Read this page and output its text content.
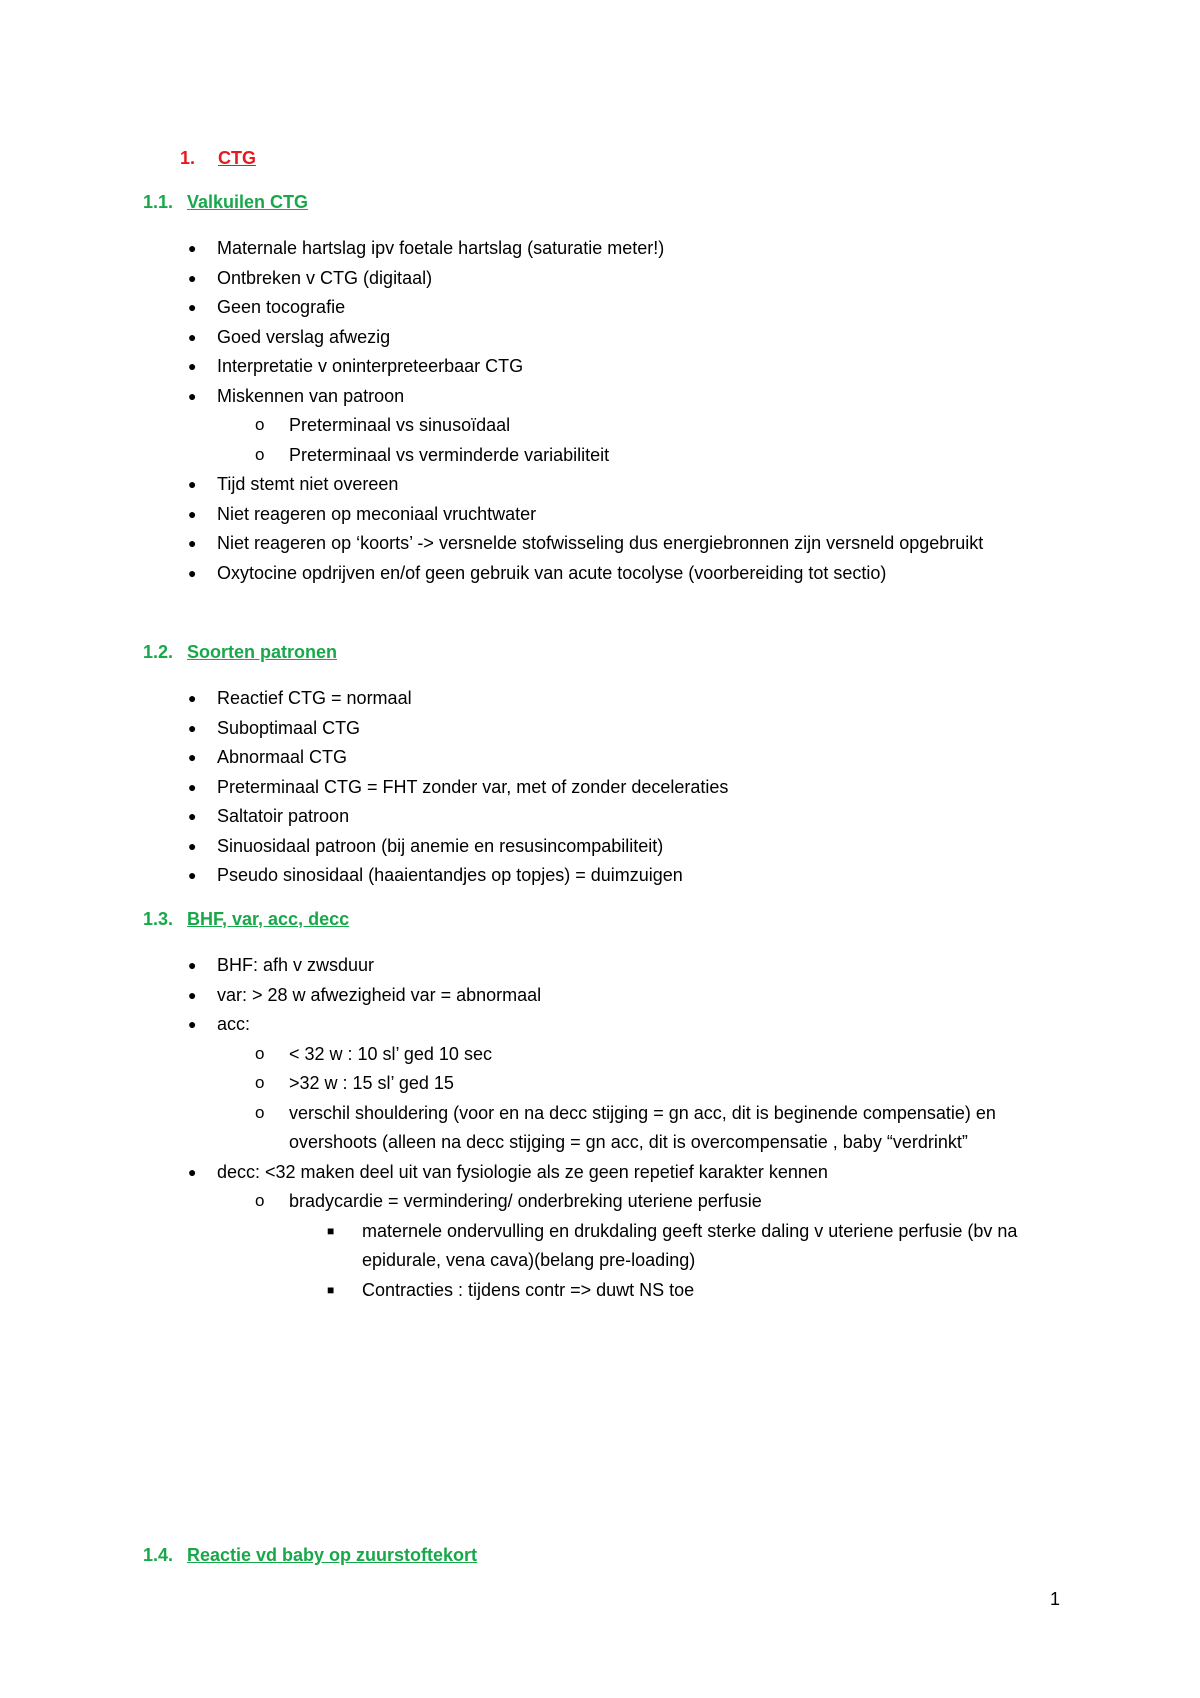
1. CTG
1.1. Valkuilen CTG
● Maternale hartslag ipv foetale hartslag (saturatie meter!)
● Ontbreken v CTG (digitaal)
● Geen tocografie
● Goed verslag afwezig
● Interpretatie v oninterpreteerbaar CTG
● Miskennen van patroon
o Preterminaal vs sinusoïdaal
o Preterminaal vs verminderde variabiliteit
● Tijd stemt niet overeen
● Niet reageren op meconiaal vruchtwater
● Niet reageren op ‘koorts’ -> versnelde stofwisseling dus energiebronnen zijn versneld opgebruikt
● Oxytocine opdrijven en/of geen gebruik van acute tocolyse (voorbereiding tot sectio)
1.2. Soorten patronen
● Reactief CTG = normaal
● Suboptimaal CTG
● Abnormaal CTG
● Preterminaal CTG = FHT zonder var, met of zonder deceleraties
● Saltatoir patroon
● Sinuosidaal patroon (bij anemie en resusincompabiliteit)
● Pseudo sinosidaal (haaientandjes op topjes) = duimzuigen
1.3. BHF, var, acc, decc
● BHF: afh v zwsduur
● var: > 28 w afwezigheid var = abnormaal
● acc:
o < 32 w : 10 sl’ ged 10 sec
o >32 w : 15 sl’ ged 15
o verschil shouldering (voor en na decc stijging = gn acc, dit is beginende compensatie) en overshoots (alleen na decc stijging = gn acc, dit is overcompensatie , baby “verdrinkt”
● decc: <32 maken deel uit van fysiologie als ze geen repetief karakter kennen
o bradycardie = vermindering/ onderbreking uteriene perfusie
■ maternele ondervulling en drukdaling geeft sterke daling v uteriene perfusie (bv na epidurale, vena cava)(belang pre-loading)
■ Contracties : tijdens contr => duwt NS toe
1.4. Reactie vd baby op zuurstoftekort
1
